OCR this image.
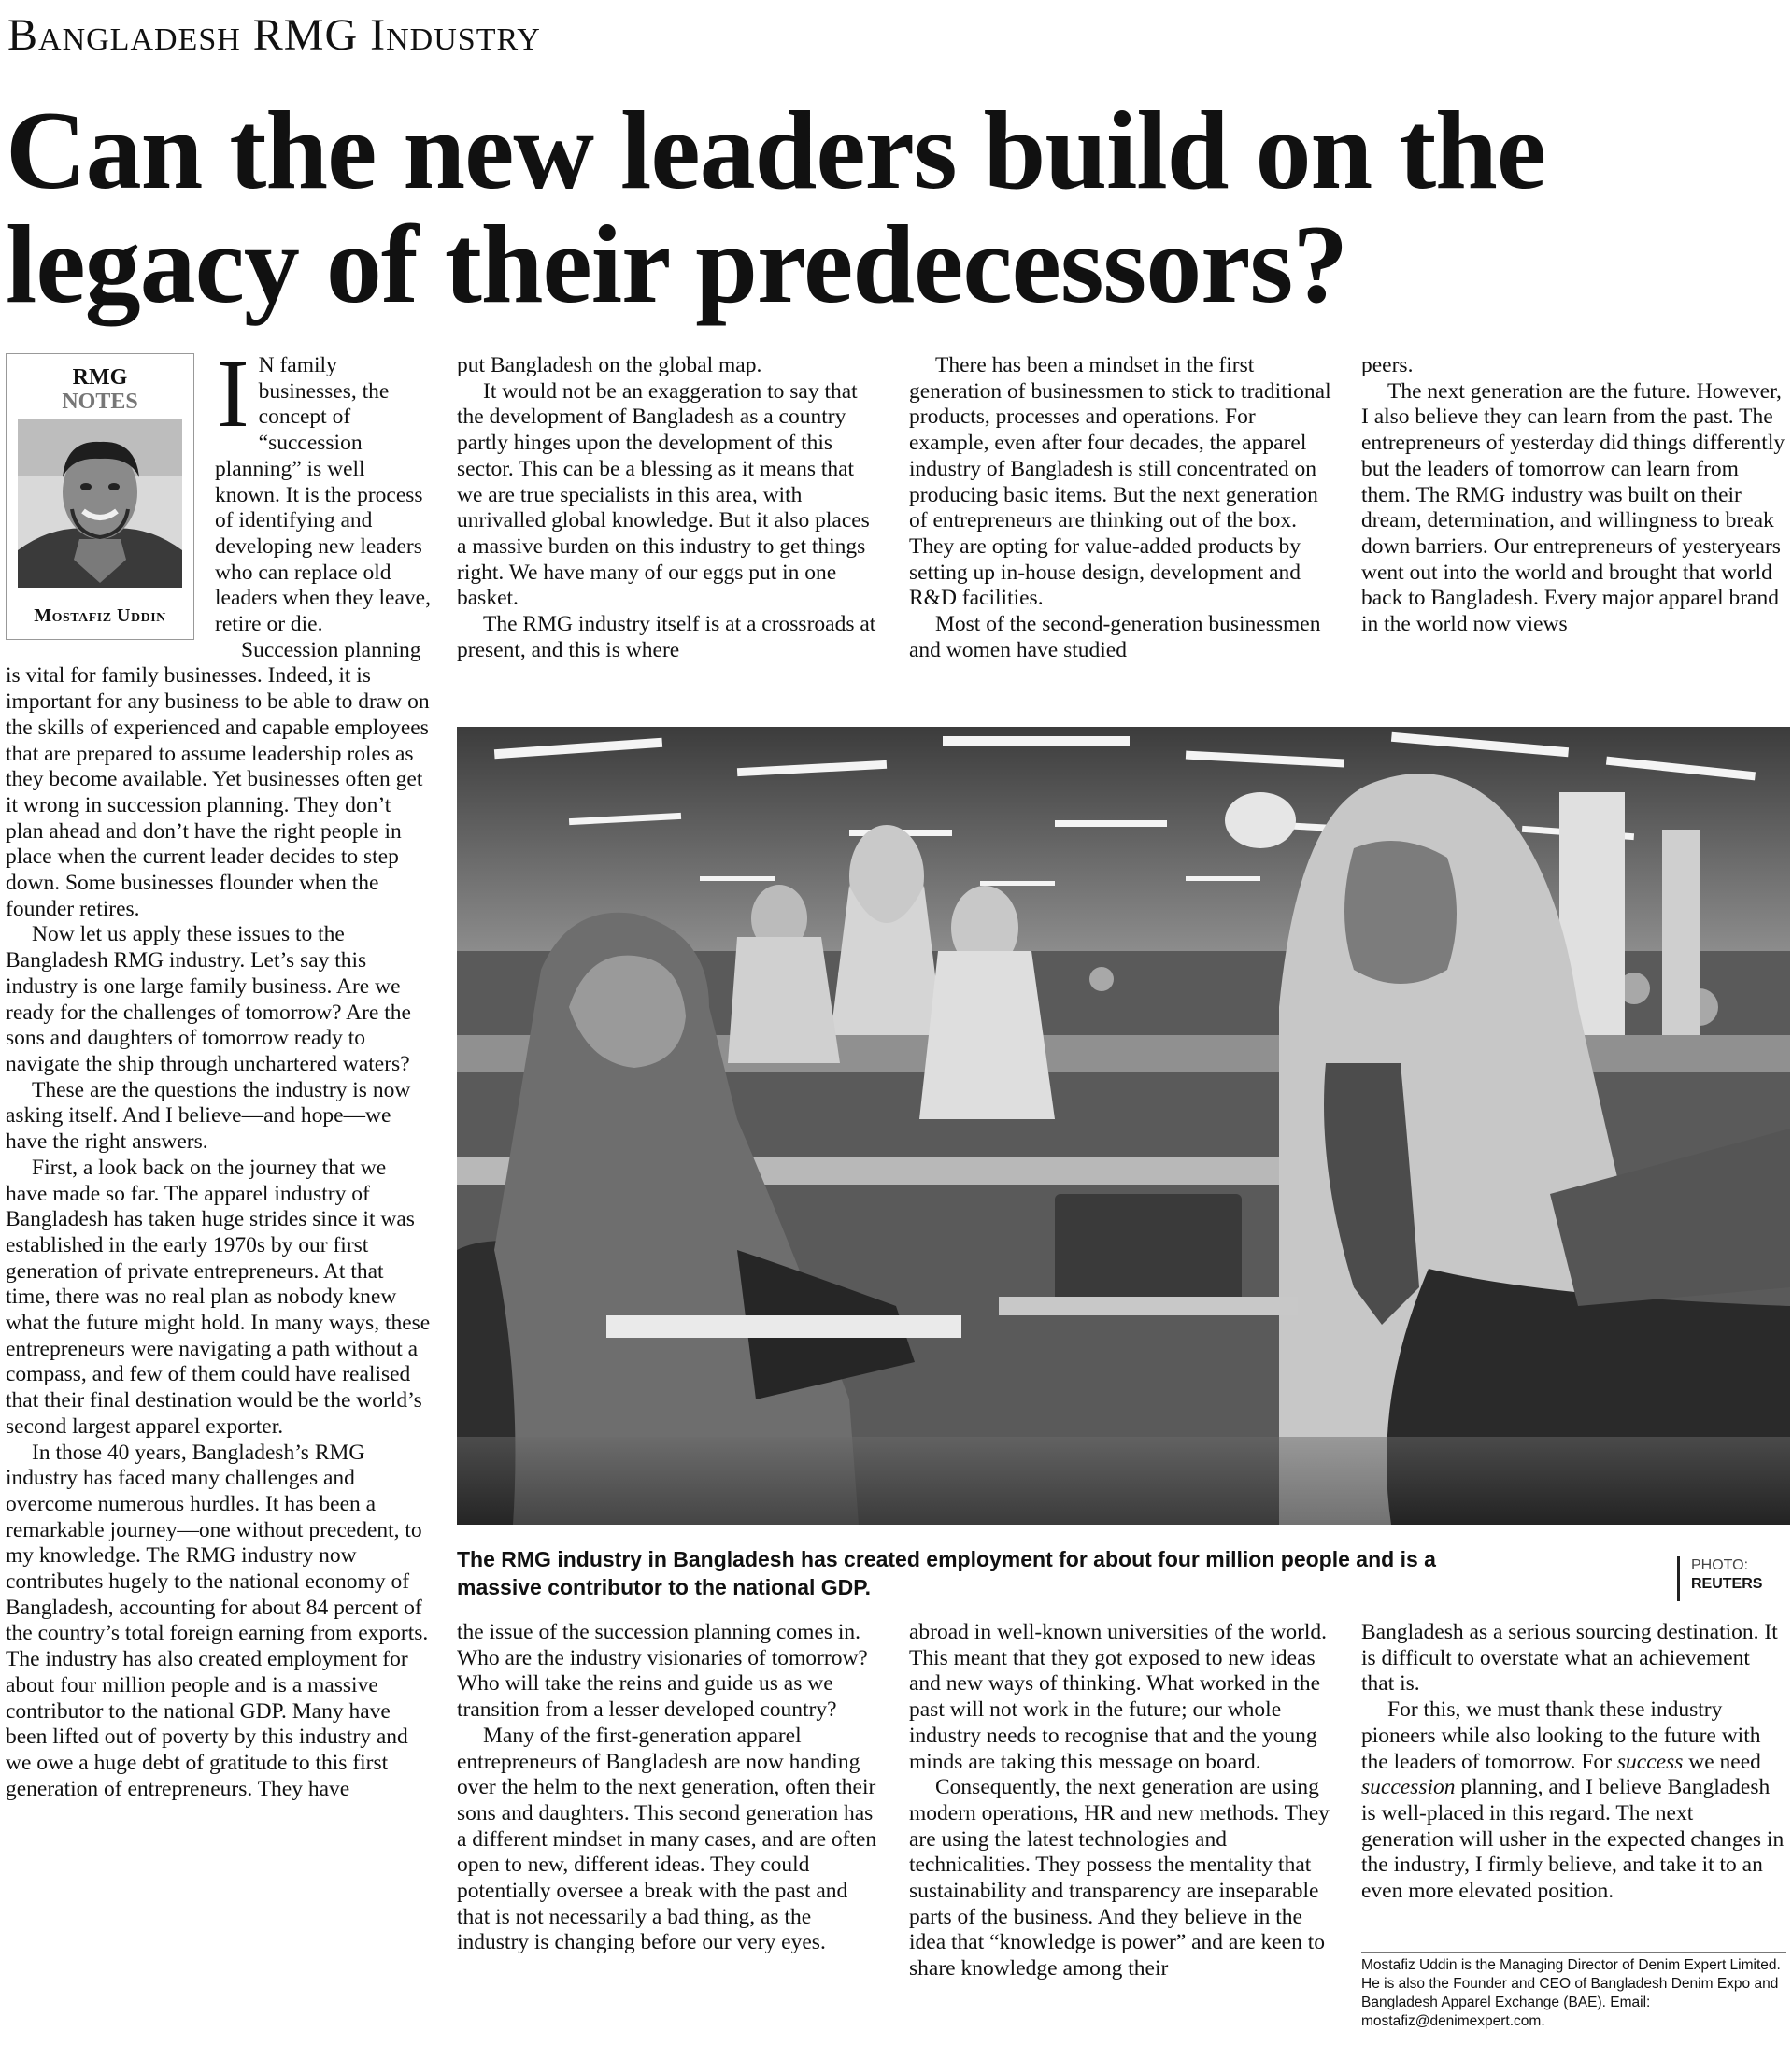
Bangladesh RMG Industry
Can the new leaders build on the legacy of their predecessors?
RMG
NOTES
Mostafiz Uddin

I N family businesses, the concept of “succession planning” is well known. It is the process of identifying and developing new leaders who can replace old leaders when they leave, retire or die.

Succession planning is vital for family businesses. Indeed, it is important for any business to be able to draw on the skills of experienced and capable employees that are prepared to assume leadership roles as they become available. Yet businesses often get it wrong in succession planning. They don’t plan ahead and don’t have the right people in place when the current leader decides to step down. Some businesses flounder when the founder retires.

Now let us apply these issues to the Bangladesh RMG industry. Let’s say this industry is one large family business. Are we ready for the challenges of tomorrow? Are the sons and daughters of tomorrow ready to navigate the ship through unchartered waters?

These are the questions the industry is now asking itself. And I believe—and hope—we have the right answers.

First, a look back on the journey that we have made so far. The apparel industry of Bangladesh has taken huge strides since it was established in the early 1970s by our first generation of private entrepreneurs. At that time, there was no real plan as nobody knew what the future might hold. In many ways, these entrepreneurs were navigating a path without a compass, and few of them could have realised that their final destination would be the world’s second largest apparel exporter.

In those 40 years, Bangladesh’s RMG industry has faced many challenges and overcome numerous hurdles. It has been a remarkable journey—one without precedent, to my knowledge. The RMG industry now contributes hugely to the national economy of Bangladesh, accounting for about 84 percent of the country’s total foreign earning from exports. The industry has also created employment for about four million people and is a massive contributor to the national GDP. Many have been lifted out of poverty by this industry and we owe a huge debt of gratitude to this first generation of entrepreneurs. They have

put Bangladesh on the global map.

It would not be an exaggeration to say that the development of Bangladesh as a country partly hinges upon the development of this sector. This can be a blessing as it means that we are true specialists in this area, with unrivalled global knowledge. But it also places a massive burden on this industry to get things right. We have many of our eggs put in one basket.

The RMG industry itself is at a crossroads at present, and this is where

There has been a mindset in the first generation of businessmen to stick to traditional products, processes and operations. For example, even after four decades, the apparel industry of Bangladesh is still concentrated on producing basic items. But the next generation of entrepreneurs are thinking out of the box. They are opting for value-added products by setting up in-house design, development and R&D facilities.

Most of the second-generation businessmen and women have studied

peers.

The next generation are the future. However, I also believe they can learn from the past. The entrepreneurs of yesterday did things differently but the leaders of tomorrow can learn from them. The RMG industry was built on their dream, determination, and willingness to break down barriers. Our entrepreneurs of yesteryears went out into the world and brought that world back to Bangladesh. Every major apparel brand in the world now views

The RMG industry in Bangladesh has created employment for about four million people and is a massive contributor to the national GDP.
PHOTO:
REUTERS

the issue of the succession planning comes in. Who are the industry visionaries of tomorrow? Who will take the reins and guide us as we transition from a lesser developed country?

Many of the first-generation apparel entrepreneurs of Bangladesh are now handing over the helm to the next generation, often their sons and daughters. This second generation has a different mindset in many cases, and are often open to new, different ideas. They could potentially oversee a break with the past and that is not necessarily a bad thing, as the industry is changing before our very eyes.

abroad in well-known universities of the world. This meant that they got exposed to new ideas and new ways of thinking. What worked in the past will not work in the future; our whole industry needs to recognise that and the young minds are taking this message on board.

Consequently, the next generation are using modern operations, HR and new methods. They are using the latest technologies and technicalities. They possess the mentality that sustainability and transparency are inseparable parts of the business. And they believe in the idea that “knowledge is power” and are keen to share knowledge among their

Bangladesh as a serious sourcing destination. It is difficult to overstate what an achievement that is.

For this, we must thank these industry pioneers while also looking to the future with the leaders of tomorrow. For success we need succession planning, and I believe Bangladesh is well-placed in this regard. The next generation will usher in the expected changes in the industry, I firmly believe, and take it to an even more elevated position.

Mostafiz Uddin is the Managing Director of Denim Expert Limited. He is also the Founder and CEO of Bangladesh Denim Expo and Bangladesh Apparel Exchange (BAE). Email: mostafiz@denimexpert.com.
